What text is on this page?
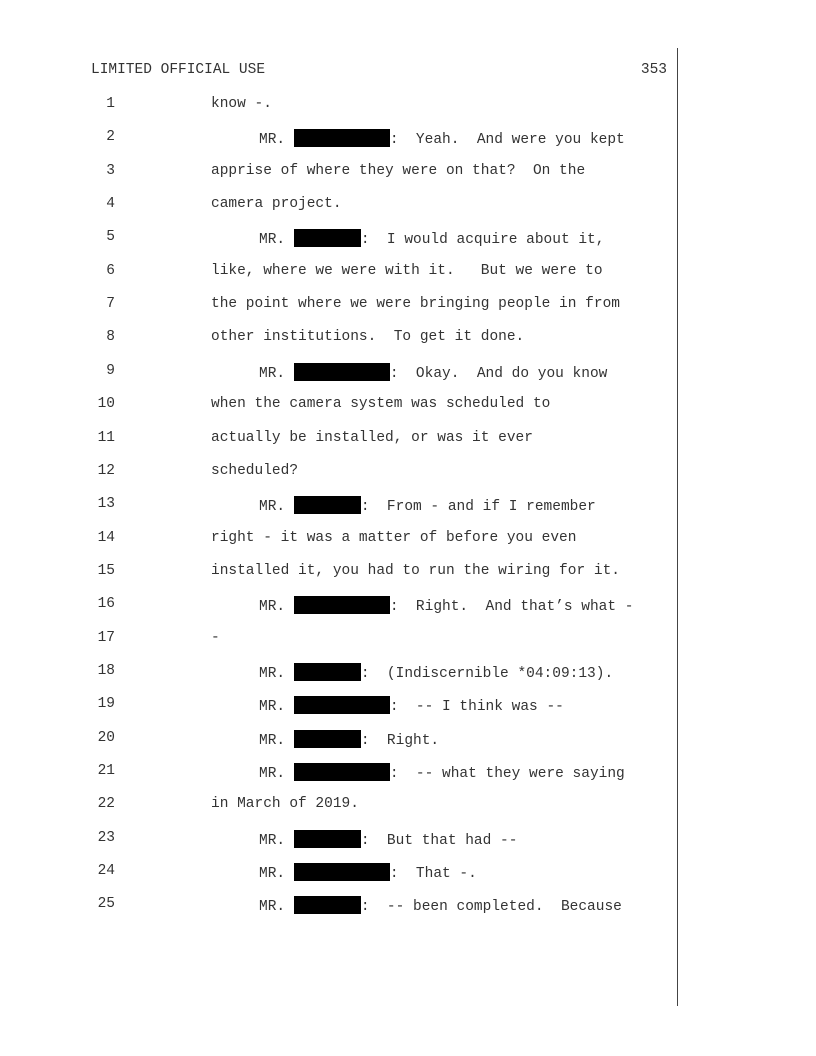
LIMITED OFFICIAL USE	353
1	know -.
2	MR.	:  Yeah.  And were you kept
3	apprise of where they were on that?  On the
4	camera project.
5	MR.	:  I would acquire about it,
6	like, where we were with it.   But we were to
7	the point where we were bringing people in from
8	other institutions.  To get it done.
9	MR.	:  Okay.  And do you know
10	when the camera system was scheduled to
11	actually be installed, or was it ever
12	scheduled?
13	MR.	:  From - and if I remember
14	right - it was a matter of before you even
15	installed it, you had to run the wiring for it.
16	MR.	:  Right.  And that’s what -
17	-
18	MR.	:  (Indiscernible *04:09:13).
19	MR.	:  -- I think was --
20	MR.	:  Right.
21	MR.	:  -- what they were saying
22	in March of 2019.
23	MR.	:  But that had --
24	MR.	:  That -.
25	MR.	:  -- been completed.  Because
